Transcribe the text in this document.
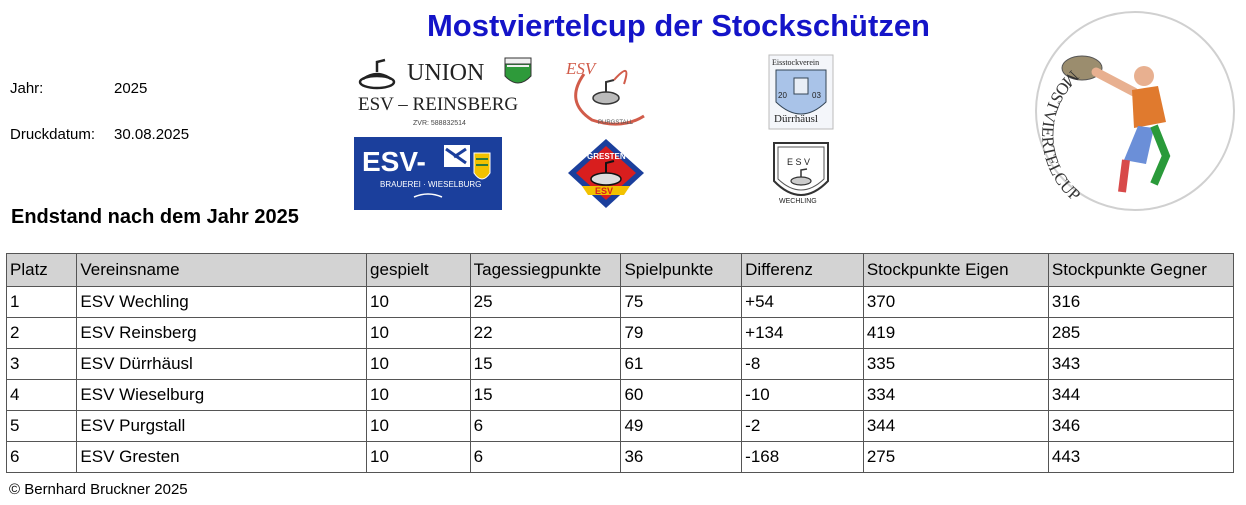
Mostviertelcup der Stockschützen
Jahr:	2025
Druckdatum: 30.08.2025
UNION
ESV – REINSBERG
ZVR: 588832514
ESV
PURGSTALL
Eisstockverein
20	03
Dürrhäusl
ESV-
BRAUEREI · WIESELBURG
GRESTEN
ESV
E S V
WECHLING
MOSTVIERTELCUP
Endstand nach dem Jahr 2025
Platz	Vereinsname	gespielt	Tagessiegpunkte	Spielpunkte	Differenz	Stockpunkte Eigen	Stockpunkte Gegner
1	ESV Wechling	10	25	75	+54	370	316
2	ESV Reinsberg	10	22	79	+134	419	285
3	ESV Dürrhäusl	10	15	61	-8	335	343
4	ESV Wieselburg	10	15	60	-10	334	344
5	ESV Purgstall	10	6	49	-2	344	346
6	ESV Gresten	10	6	36	-168	275	443
© Bernhard Bruckner 2025
